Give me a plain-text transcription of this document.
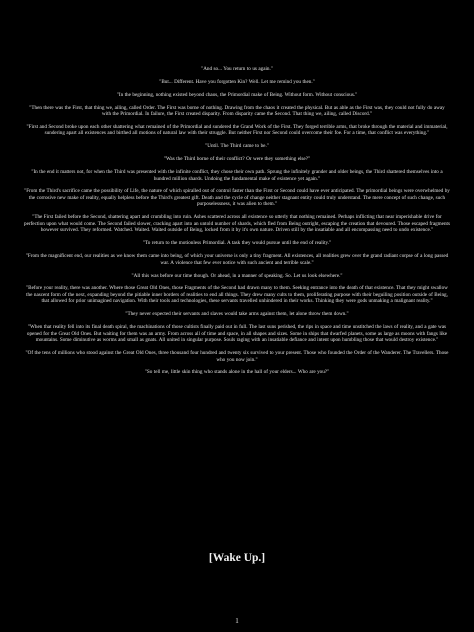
"And so... You return to us again."

"But... Different. Have you forgotten Kin? Well. Let me remind you then."

"In the beginning, nothing existed beyond chaos, the Primordial make of Being. Without form. Without conscious."

"Then there was the First, that thing we, ailing, called Order. The First was borne of nothing. Drawing from the chaos it created the physical. But as able as the First was, they could not fully do away with the Primordial. In failure, the First created disparity. From disparity came the Second. That thing we, ailing, called Discord."

"First and Second broke upon each other shattering what remained of the Primordial and sundered the Grand Work of the First. They forged terrible arms, that broke through the material and immaterial, sundering apart all existences and birthed all motions of natural law with their struggle. But neither First nor Second could overcome their foe. For a time, that conflict was everything."

"Until. The Third came to be."

"Was the Third borne of their conflict? Or were they something else?"

"In the end it matters not, for when the Third was presented with the infinite conflict, they chose their own path. Sprung the infinitely grander and older beings, the Third shattered themselves into a hundred million shards. Undoing the fundamental make of existence yet again."

"From the Third's sacrifice came the possibility of Life, the nature of which spiralled out of control faster than the First or Second could have ever anticipated. The primordial beings were overwhelmed by the corrosive new make of reality, equally helpless before the Third's greatest gift. Death and the cycle of change neither stagnant entity could truly understand. The mere concept of such change, such purposelessness, it was alien to them."

"The First failed before the Second, shattering apart and crumbling into ruin. Ashes scattered across all existence so utterly that nothing remained. Perhaps inflicting that near imperishable drive for perfection upon what would come. The Second failed slower, cracking apart into an untold number of shards, which fled from Being outright, escaping the creation that devoured. Those escaped fragments however survived. They reformed. Watched. Waited. Waited outside of Being, locked from it by it's own nature. Driven still by the insatiable and all encompassing need to undo existence."

"To return to the motionless Primordial. A task they would pursue until the end of reality."

"From the magnificent end, our realities as we know them came into being, of which your universe is only a tiny fragment. All existences, all realities grew over the grand radiant corpse of a long passed war. A violence that few ever notice with such ancient and terrible scale."

"All this was before our time though. Or ahead, in a manner of speaking. So. Let us look elsewhere."

"Before your reality, there was another. Where those Great Old Ones, those Fragments of the Second had drawn many to them. Seeking entrance into the death of that existence. That they might swallow the nascent form of the next, expanding beyond the pitiable inner borders of realities to end all things. They drew many cults to them, proliferating purpose with their beguiling position outside of Being, that allowed for prior unimagined navigation. With their tools and technologies, these servants travelled unhindered in their works. Thinking they were gods unmaking a malignant reality."

"They never expected their servants and slaves would take arms against them, let alone throw them down."

"When that reality fell into its final death spiral, the machinations of those cultists finally paid out in full. The last suns perished, the rips in space and time unstitched the laws of reality, and a gate was opened for the Great Old Ones. But waiting for them was an army. From across all of time and space, in all shapes and sizes. Some in ships that dwarfed planets, some as large as moons with fangs like mountains. Some diminutive as worms and small as gnats. All united in singular purpose. Souls raging with an insatiable defiance and intent upon humbling those that would destroy existence."

"Of the tens of millions who stood against the Great Old Ones, three thousand four hundred and twenty six survived to your present. Those who founded the Order of the Wanderer. The Travellers. Those who you now join."

"So tell me, little skin thing who stands alone in the hall of your elders... Who are you?"

[Wake Up.]

1
